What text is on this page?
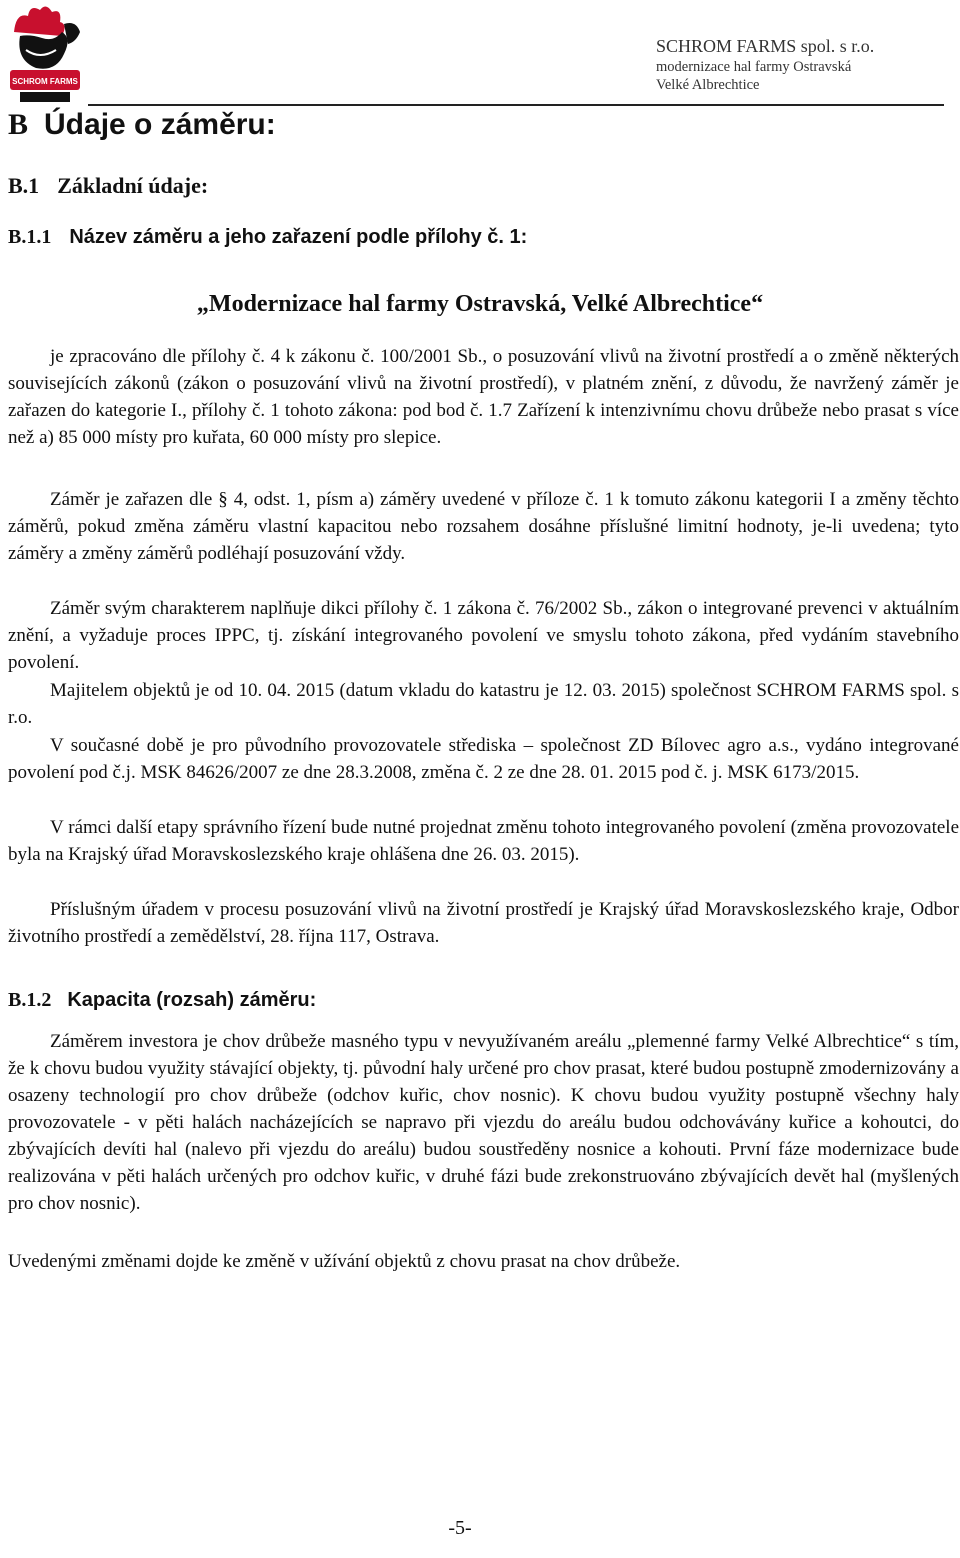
SCHROM FARMS
SCHROM FARMS spol. s r.o.
modernizace hal farmy Ostravská
Velké Albrechtice
B Údaje o záměru:
B.1 Základní údaje:
B.1.1 Název záměru a jeho zařazení podle přílohy č. 1:
„Modernizace hal farmy Ostravská, Velké Albrechtice“
je zpracováno dle přílohy č. 4 k zákonu č. 100/2001 Sb., o posuzování vlivů na životní prostředí a o změně některých souvisejících zákonů (zákon o posuzování vlivů na životní prostředí), v platném znění, z důvodu, že navržený záměr je zařazen do kategorie I., přílohy č. 1 tohoto zákona: pod bod č. 1.7 Zařízení k intenzivnímu chovu drůbeže nebo prasat s více než a) 85 000 místy pro kuřata, 60 000 místy pro slepice.
Záměr je zařazen dle § 4, odst. 1, písm a) záměry uvedené v příloze č. 1 k tomuto zákonu kategorii I a změny těchto záměrů, pokud změna záměru vlastní kapacitou nebo rozsahem dosáhne příslušné limitní hodnoty, je-li uvedena; tyto záměry a změny záměrů podléhají posuzování vždy.
Záměr svým charakterem naplňuje dikci přílohy č. 1 zákona č. 76/2002 Sb., zákon o integrované prevenci v aktuálním znění, a vyžaduje proces IPPC, tj. získání integrovaného povolení ve smyslu tohoto zákona, před vydáním stavebního povolení.
Majitelem objektů je od 10. 04. 2015 (datum vkladu do katastru je 12. 03. 2015) společnost SCHROM FARMS spol. s r.o.
V současné době je pro původního provozovatele střediska – společnost ZD Bílovec agro a.s., vydáno integrované povolení pod č.j. MSK 84626/2007 ze dne 28.3.2008, změna č. 2 ze dne 28. 01. 2015 pod č. j. MSK 6173/2015.
V rámci další etapy správního řízení bude nutné projednat změnu tohoto integrovaného povolení (změna provozovatele byla na Krajský úřad Moravskoslezského kraje ohlášena dne 26. 03. 2015).
Příslušným úřadem v procesu posuzování vlivů na životní prostředí je Krajský úřad Moravskoslezského kraje, Odbor životního prostředí a zemědělství, 28. října 117, Ostrava.
B.1.2 Kapacita (rozsah) záměru:
Záměrem investora je chov drůbeže masného typu v nevyužívaném areálu „plemenné farmy Velké Albrechtice“ s tím, že k chovu budou využity stávající objekty, tj. původní haly určené pro chov prasat, které budou postupně zmodernizovány a osazeny technologií pro chov drůbeže (odchov kuřic, chov nosnic). K chovu budou využity postupně všechny haly provozovatele - v pěti halách nacházejících se napravo při vjezdu do areálu budou odchovávány kuřice a kohoutci, do zbývajících devíti hal (nalevo při vjezdu do areálu) budou soustředěny nosnice a kohouti. První fáze modernizace bude realizována v pěti halách určených pro odchov kuřic, v druhé fázi bude zrekonstruováno zbývajících devět hal (myšlených pro chov nosnic).
Uvedenými změnami dojde ke změně v užívání objektů z chovu prasat na chov drůbeže.
-5-
